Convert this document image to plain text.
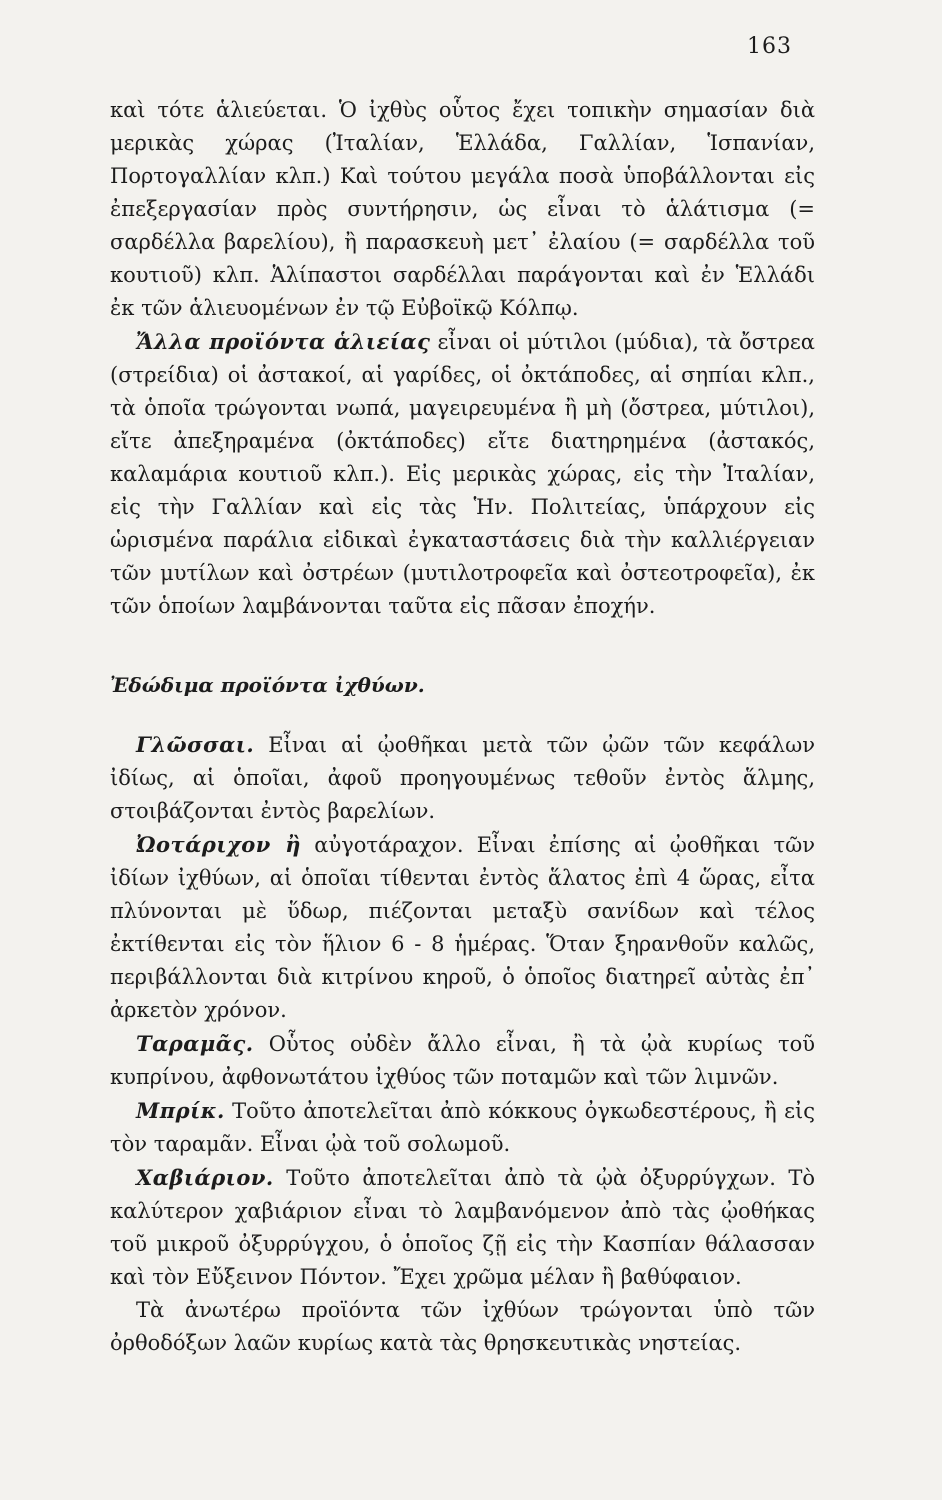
163

καὶ τότε ἁλιεύεται. Ὁ ἰχθὺς οὗτος ἔχει τοπικὴν σημασίαν διὰ μερικὰς χώρας (Ἰταλίαν, Ἑλλάδα, Γαλλίαν, Ἱσπανίαν, Πορτογαλλίαν κλπ.) Καὶ τούτου μεγάλα ποσὰ ὑποβάλλονται εἰς ἐπεξεργασίαν πρὸς συντήρησιν, ὡς εἶναι τὸ ἁλάτισμα (= σαρδέλλα βαρελίου), ἢ παρασκευὴ μετ᾿ ἐλαίου (= σαρδέλλα τοῦ κουτιοῦ) κλπ. Ἁλίπαστοι σαρδέλλαι παράγονται καὶ ἐν Ἑλλάδι ἐκ τῶν ἁλιευομένων ἐν τῷ Εὐβοϊκῷ Κόλπῳ.

Ἄλλα προϊόντα ἁλιείας εἶναι οἱ μύτιλοι (μύδια), τὰ ὄστρεα (στρείδια) οἱ ἀστακοί, αἱ γαρίδες, οἱ ὀκτάποδες, αἱ σηπίαι κλπ., τὰ ὁποῖα τρώγονται νωπά, μαγειρευμένα ἢ μὴ (ὄστρεα, μύτιλοι), εἴτε ἀπεξηραμένα (ὀκτάποδες) εἴτε διατηρημένα (ἀστακός, καλαμάρια κουτιοῦ κλπ.). Εἰς μερικὰς χώρας, εἰς τὴν Ἰταλίαν, εἰς τὴν Γαλλίαν καὶ εἰς τὰς Ἡν. Πολιτείας, ὑπάρχουν εἰς ὡρισμένα παράλια εἰδικαὶ ἐγκαταστάσεις διὰ τὴν καλλιέργειαν τῶν μυτίλων καὶ ὀστρέων (μυτιλοτροφεῖα καὶ ὀστεοτροφεῖα), ἐκ τῶν ὁποίων λαμβάνονται ταῦτα εἰς πᾶσαν ἐποχήν.

Ἐδώδιμα προϊόντα ἰχθύων.

Γλῶσσαι. Εἶναι αἱ ᾠοθῆκαι μετὰ τῶν ᾠῶν τῶν κεφάλων ἰδίως, αἱ ὁποῖαι, ἀφοῦ προηγουμένως τεθοῦν ἐντὸς ἅλμης, στοιβάζονται ἐντὸς βαρελίων.

Ὠοτάριχον ἢ αὐγοτάραχον. Εἶναι ἐπίσης αἱ ᾠοθῆκαι τῶν ἰδίων ἰχθύων, αἱ ὁποῖαι τίθενται ἐντὸς ἅλατος ἐπὶ 4 ὥρας, εἶτα πλύνονται μὲ ὕδωρ, πιέζονται μεταξὺ σανίδων καὶ τέλος ἐκτίθενται εἰς τὸν ἥλιον 6 - 8 ἡμέρας. Ὅταν ξηρανθοῦν καλῶς, περιβάλλονται διὰ κιτρίνου κηροῦ, ὁ ὁποῖος διατηρεῖ αὐτὰς ἐπ᾿ ἀρκετὸν χρόνον.

Ταραμᾶς. Οὗτος οὐδὲν ἄλλο εἶναι, ἢ τὰ ᾠὰ κυρίως τοῦ κυπρίνου, ἀφθονωτάτου ἰχθύος τῶν ποταμῶν καὶ τῶν λιμνῶν.

Μπρίκ. Τοῦτο ἀποτελεῖται ἀπὸ κόκκους ὀγκωδεστέρους, ἢ εἰς τὸν ταραμᾶν. Εἶναι ᾠὰ τοῦ σολωμοῦ.

Χαβιάριον. Τοῦτο ἀποτελεῖται ἀπὸ τὰ ᾠὰ ὀξυρρύγχων. Τὸ καλύτερον χαβιάριον εἶναι τὸ λαμβανόμενον ἀπὸ τὰς ᾠοθήκας τοῦ μικροῦ ὀξυρρύγχου, ὁ ὁποῖος ζῇ εἰς τὴν Κασπίαν θάλασσαν καὶ τὸν Εὔξεινον Πόντον. Ἔχει χρῶμα μέλαν ἢ βαθύφαιον.

Τὰ ἀνωτέρω προϊόντα τῶν ἰχθύων τρώγονται ὑπὸ τῶν ὀρθοδόξων λαῶν κυρίως κατὰ τὰς θρησκευτικὰς νηστείας.
